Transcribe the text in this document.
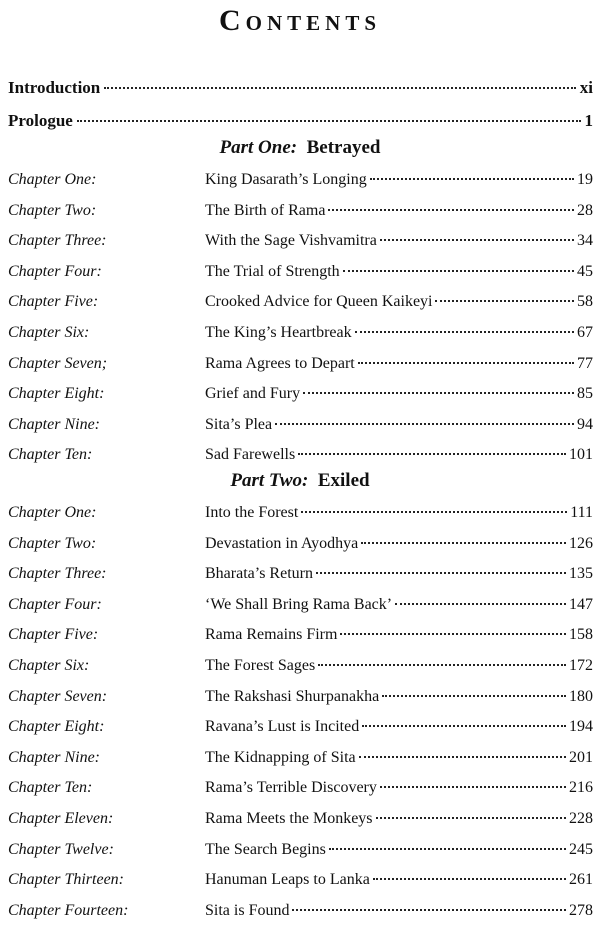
Contents
Introduction	xi
Prologue	1
Part One: Betrayed
Chapter One:	King Dasarath’s Longing	19
Chapter Two:	The Birth of Rama	28
Chapter Three:	With the Sage Vishvamitra	34
Chapter Four:	The Trial of Strength	45
Chapter Five:	Crooked Advice for Queen Kaikeyi	58
Chapter Six:	The King’s Heartbreak	67
Chapter Seven;	Rama Agrees to Depart	77
Chapter Eight:	Grief and Fury	85
Chapter Nine:	Sita’s Plea	94
Chapter Ten:	Sad Farewells	101
Part Two: Exiled
Chapter One:	Into the Forest	111
Chapter Two:	Devastation in Ayodhya	126
Chapter Three:	Bharata’s Return	135
Chapter Four:	‘We Shall Bring Rama Back’	147
Chapter Five:	Rama Remains Firm	158
Chapter Six:	The Forest Sages	172
Chapter Seven:	The Rakshasi Shurpanakha	180
Chapter Eight:	Ravana’s Lust is Incited	194
Chapter Nine:	The Kidnapping of Sita	201
Chapter Ten:	Rama’s Terrible Discovery	216
Chapter Eleven:	Rama Meets the Monkeys	228
Chapter Twelve:	The Search Begins	245
Chapter Thirteen:	Hanuman Leaps to Lanka	261
Chapter Fourteen:	Sita is Found	278
